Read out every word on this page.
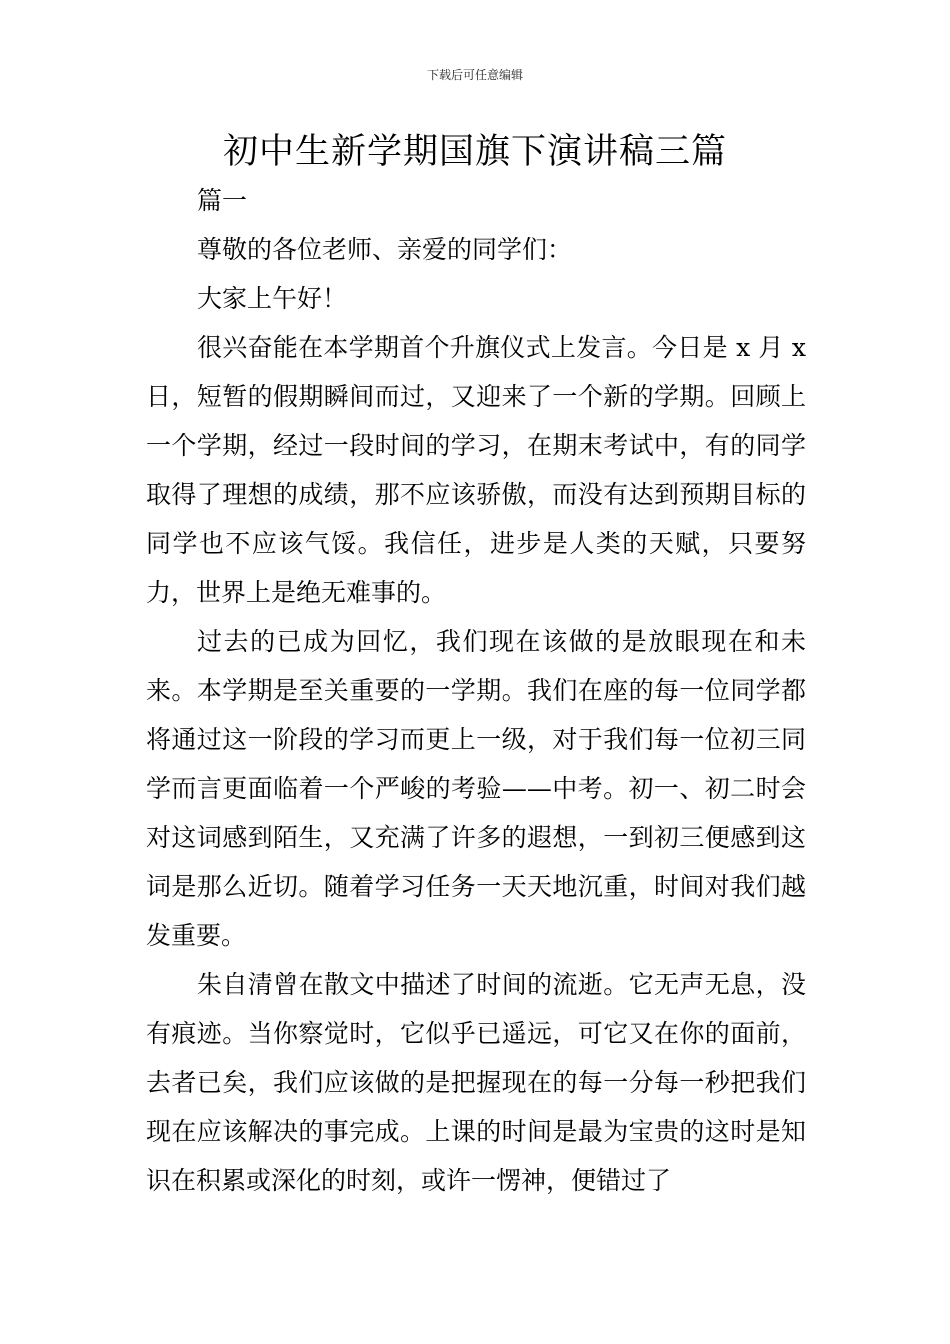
下载后可任意编辑
初中生新学期国旗下演讲稿三篇

篇一

尊敬的各位老师、亲爱的同学们：

大家上午好！

很兴奋能在本学期首个升旗仪式上发言。今日是 x 月 x 日，短暂的假期瞬间而过，又迎来了一个新的学期。回顾上一个学期，经过一段时间的学习，在期末考试中，有的同学取得了理想的成绩，那不应该骄傲，而没有达到预期目标的同学也不应该气馁。我信任，进步是人类的天赋，只要努力，世界上是绝无难事的。

过去的已成为回忆，我们现在该做的是放眼现在和未来。本学期是至关重要的一学期。我们在座的每一位同学都将通过这一阶段的学习而更上一级，对于我们每一位初三同学而言更面临着一个严峻的考验——中考。初一、初二时会对这词感到陌生，又充满了许多的遐想，一到初三便感到这词是那么近切。随着学习任务一天天地沉重，时间对我们越发重要。

朱自清曾在散文中描述了时间的流逝。它无声无息，没有痕迹。当你察觉时，它似乎已遥远，可它又在你的面前，去者已矣，我们应该做的是把握现在的每一分每一秒把我们现在应该解决的事完成。上课的时间是最为宝贵的这时是知识在积累或深化的时刻，或许一愣神，便错过了
